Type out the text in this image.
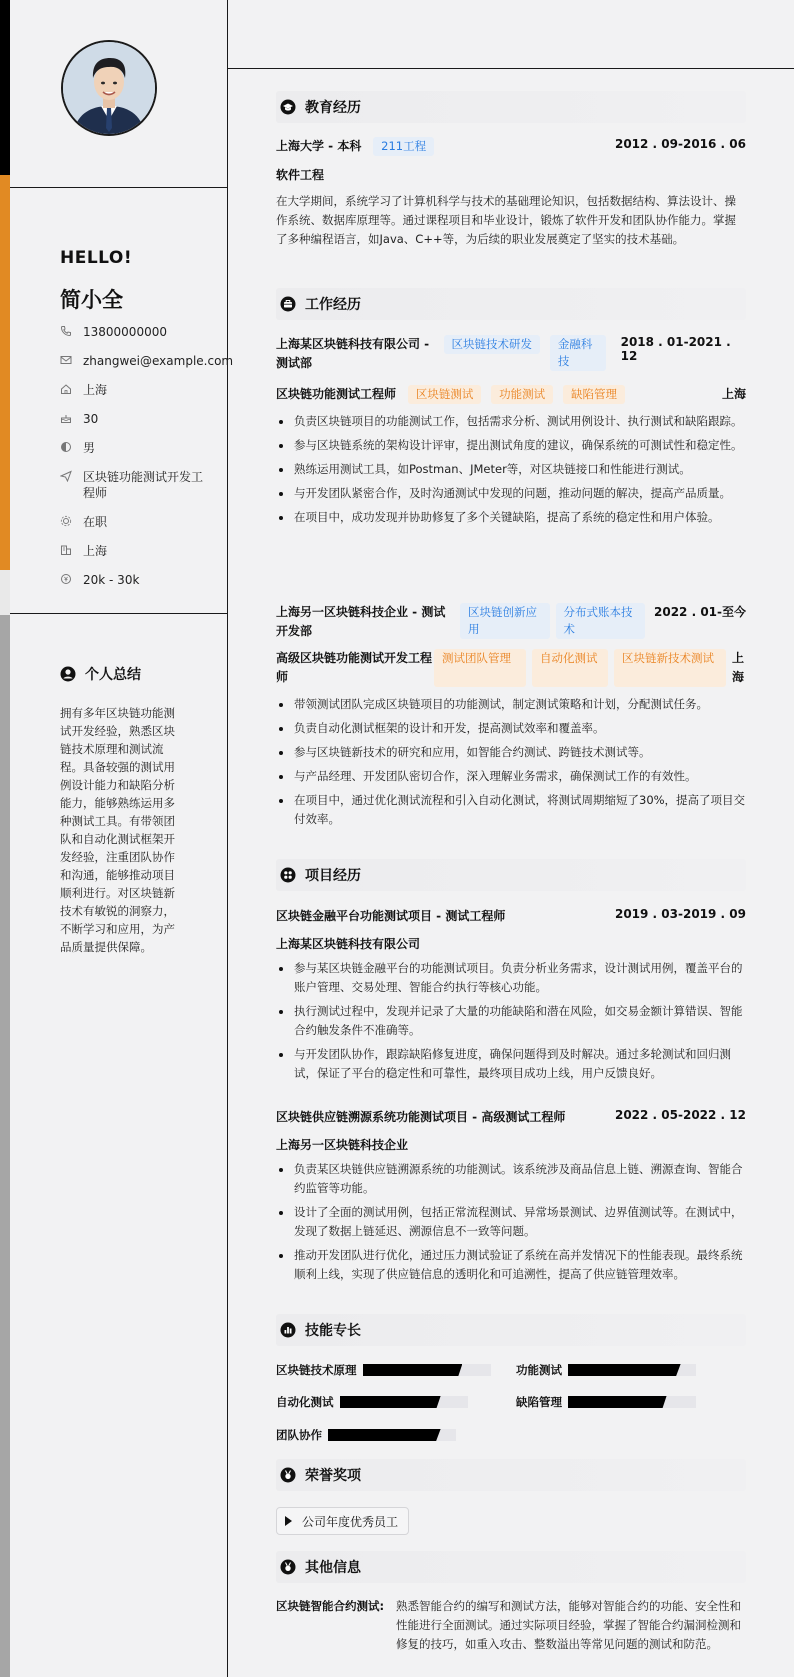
HELLO!
简小全
13800000000
zhangwei@example.com
上海
30
男
区块链功能测试开发工程师
在职
上海
20k - 30k
个人总结
拥有多年区块链功能测试开发经验，熟悉区块链技术原理和测试流程。具备较强的测试用例设计能力和缺陷分析能力，能够熟练运用多种测试工具。有带领团队和自动化测试框架开发经验，注重团队协作和沟通，能够推动项目顺利进行。对区块链新技术有敏锐的洞察力，不断学习和应用，为产品质量提供保障。
教育经历
上海大学 - 本科 211工程	2012 . 09-2016 . 06
软件工程
在大学期间，系统学习了计算机科学与技术的基础理论知识，包括数据结构、算法设计、操作系统、数据库原理等。通过课程项目和毕业设计，锻炼了软件开发和团队协作能力。掌握了多种编程语言，如Java、C++等，为后续的职业发展奠定了坚实的技术基础。
工作经历
上海某区块链科技有限公司 - 测试部
区块链技术研发 金融科技
2018 . 01-2021 . 12
区块链功能测试工程师 区块链测试 功能测试 缺陷管理	上海
负责区块链项目的功能测试工作，包括需求分析、测试用例设计、执行测试和缺陷跟踪。
参与区块链系统的架构设计评审，提出测试角度的建议，确保系统的可测试性和稳定性。
熟练运用测试工具，如Postman、JMeter等，对区块链接口和性能进行测试。
与开发团队紧密合作，及时沟通测试中发现的问题，推动问题的解决，提高产品质量。
在项目中，成功发现并协助修复了多个关键缺陷，提高了系统的稳定性和用户体验。
上海另一区块链科技企业 - 测试开发部
区块链创新应用
分布式账本技术
2022 . 01-至今
高级区块链功能测试开发工程师
测试团队管理	自动化测试	区块链新技术测试	上海
带领测试团队完成区块链项目的功能测试，制定测试策略和计划，分配测试任务。
负责自动化测试框架的设计和开发，提高测试效率和覆盖率。
参与区块链新技术的研究和应用，如智能合约测试、跨链技术测试等。
与产品经理、开发团队密切合作，深入理解业务需求，确保测试工作的有效性。
在项目中，通过优化测试流程和引入自动化测试，将测试周期缩短了30%，提高了项目交付效率。
项目经历
区块链金融平台功能测试项目 - 测试工程师	2019 . 03-2019 . 09
上海某区块链科技有限公司
参与某区块链金融平台的功能测试项目。负责分析业务需求，设计测试用例，覆盖平台的账户管理、交易处理、智能合约执行等核心功能。
执行测试过程中，发现并记录了大量的功能缺陷和潜在风险，如交易金额计算错误、智能合约触发条件不准确等。
与开发团队协作，跟踪缺陷修复进度，确保问题得到及时解决。通过多轮测试和回归测试，保证了平台的稳定性和可靠性，最终项目成功上线，用户反馈良好。
区块链供应链溯源系统功能测试项目 - 高级测试工程师	2022 . 05-2022 . 12
上海另一区块链科技企业
负责某区块链供应链溯源系统的功能测试。该系统涉及商品信息上链、溯源查询、智能合约监管等功能。
设计了全面的测试用例，包括正常流程测试、异常场景测试、边界值测试等。在测试中，发现了数据上链延迟、溯源信息不一致等问题。
推动开发团队进行优化，通过压力测试验证了系统在高并发情况下的性能表现。最终系统顺利上线，实现了供应链信息的透明化和可追溯性，提高了供应链管理效率。
技能专长
区块链技术原理	功能测试
自动化测试	缺陷管理
团队协作
荣誉奖项
公司年度优秀员工
其他信息
区块链智能合约测试:	熟悉智能合约的编写和测试方法，能够对智能合约的功能、安全性和性能进行全面测试。通过实际项目经验，掌握了智能合约漏洞检测和修复的技巧，如重入攻击、整数溢出等常见问题的测试和防范。
